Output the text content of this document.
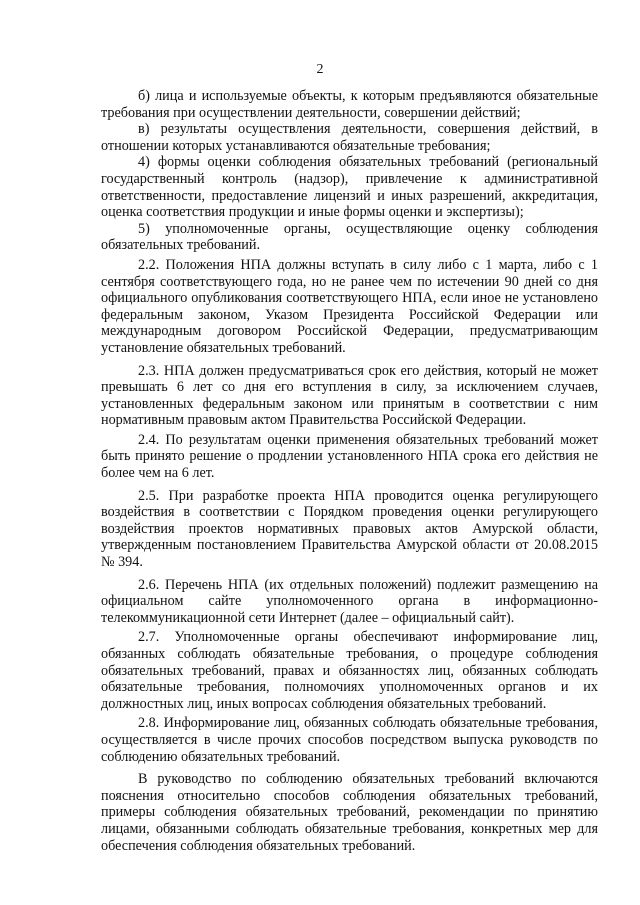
2

б) лица и используемые объекты, к которым предъявляются обязательные требования при осуществлении деятельности, совершении действий;

в) результаты осуществления деятельности, совершения действий, в отношении которых устанавливаются обязательные требования;

4) формы оценки соблюдения обязательных требований (региональный государственный контроль (надзор), привлечение к административной ответственности, предоставление лицензий и иных разрешений, аккредитация, оценка соответствия продукции и иные формы оценки и экспертизы);

5) уполномоченные органы, осуществляющие оценку соблюдения обязательных требований.

2.2. Положения НПА должны вступать в силу либо с 1 марта, либо с 1 сентября соответствующего года, но не ранее чем по истечении 90 дней со дня официального опубликования соответствующего НПА, если иное не установлено федеральным законом, Указом Президента Российской Федерации или международным договором Российской Федерации, предусматривающим установление обязательных требований.

2.3. НПА должен предусматриваться срок его действия, который не может превышать 6 лет со дня его вступления в силу, за исключением случаев, установленных федеральным законом или принятым в соответствии с ним нормативным правовым актом Правительства Российской Федерации.

2.4. По результатам оценки применения обязательных требований может быть принято решение о продлении установленного НПА срока его действия не более чем на 6 лет.

2.5. При разработке проекта НПА проводится оценка регулирующего воздействия в соответствии с Порядком проведения оценки регулирующего воздействия проектов нормативных правовых актов Амурской области, утвержденным постановлением Правительства Амурской области от 20.08.2015 № 394.

2.6. Перечень НПА (их отдельных положений) подлежит размещению на официальном сайте уполномоченного органа в информационно-телекоммуникационной сети Интернет (далее – официальный сайт).

2.7. Уполномоченные органы обеспечивают информирование лиц, обязанных соблюдать обязательные требования, о процедуре соблюдения обязательных требований, правах и обязанностях лиц, обязанных соблюдать обязательные требования, полномочиях уполномоченных органов и их должностных лиц, иных вопросах соблюдения обязательных требований.

2.8. Информирование лиц, обязанных соблюдать обязательные требования, осуществляется в числе прочих способов посредством выпуска руководств по соблюдению обязательных требований.

В руководство по соблюдению обязательных требований включаются пояснения относительно способов соблюдения обязательных требований, примеры соблюдения обязательных требований, рекомендации по принятию лицами, обязанными соблюдать обязательные требования, конкретных мер для обеспечения соблюдения обязательных требований.
